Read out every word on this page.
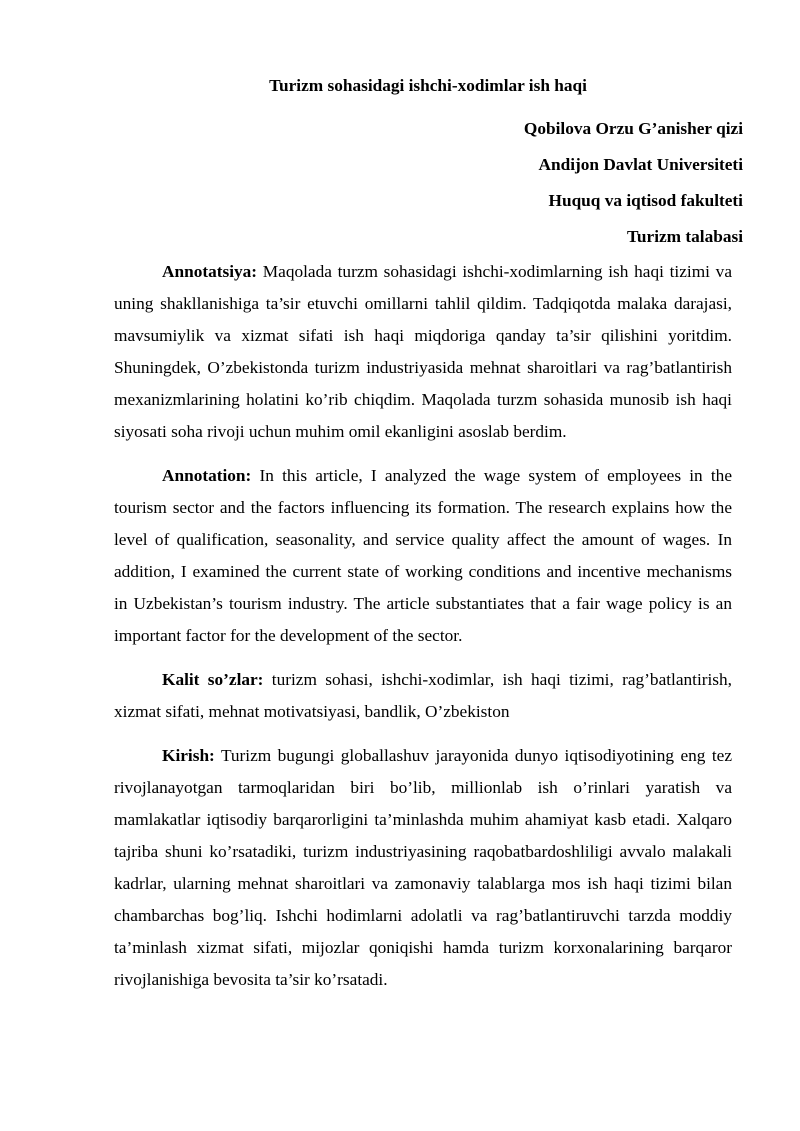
Turizm sohasidagi ishchi-xodimlar ish haqi
Qobilova Orzu G’anisher qizi
Andijon Davlat Universiteti
Huquq va iqtisod fakulteti
Turizm talabasi

Annotatsiya: Maqolada turzm sohasidagi ishchi-xodimlarning ish haqi tizimi va uning shakllanishiga ta’sir etuvchi omillarni tahlil qildim. Tadqiqotda malaka darajasi, mavsumiylik va xizmat sifati ish haqi miqdoriga qanday ta’sir qilishini yoritdim. Shuningdek, O’zbekistonda turizm industriyasida mehnat sharoitlari va rag’batlantirish mexanizmlarining holatini ko’rib chiqdim. Maqolada turzm sohasida munosib ish haqi siyosati soha rivoji uchun muhim omil ekanligini asoslab berdim.

Annotation: In this article, I analyzed the wage system of employees in the tourism sector and the factors influencing its formation. The research explains how the level of qualification, seasonality, and service quality affect the amount of wages. In addition, I examined the current state of working conditions and incentive mechanisms in Uzbekistan’s tourism industry. The article substantiates that a fair wage policy is an important factor for the development of the sector.

Kalit so’zlar: turizm sohasi, ishchi-xodimlar, ish haqi tizimi, rag’batlantirish, xizmat sifati, mehnat motivatsiyasi, bandlik, O’zbekiston

Kirish: Turizm bugungi globallashuv jarayonida dunyo iqtisodiyotining eng tez rivojlanayotgan tarmoqlaridan biri bo’lib, millionlab ish o’rinlari yaratish va mamlakatlar iqtisodiy barqarorligini ta’minlashda muhim ahamiyat kasb etadi. Xalqaro tajriba shuni ko’rsatadiki, turizm industriyasining raqobatbardoshliligi avvalo malakali kadrlar, ularning mehnat sharoitlari va zamonaviy talablarga mos ish haqi tizimi bilan chambarchas bog’liq. Ishchi hodimlarni adolatli va rag’batlantiruvchi tarzda moddiy ta’minlash xizmat sifati, mijozlar qoniqishi hamda turizm korxonalarining barqaror rivojlanishiga bevosita ta’sir ko’rsatadi.
